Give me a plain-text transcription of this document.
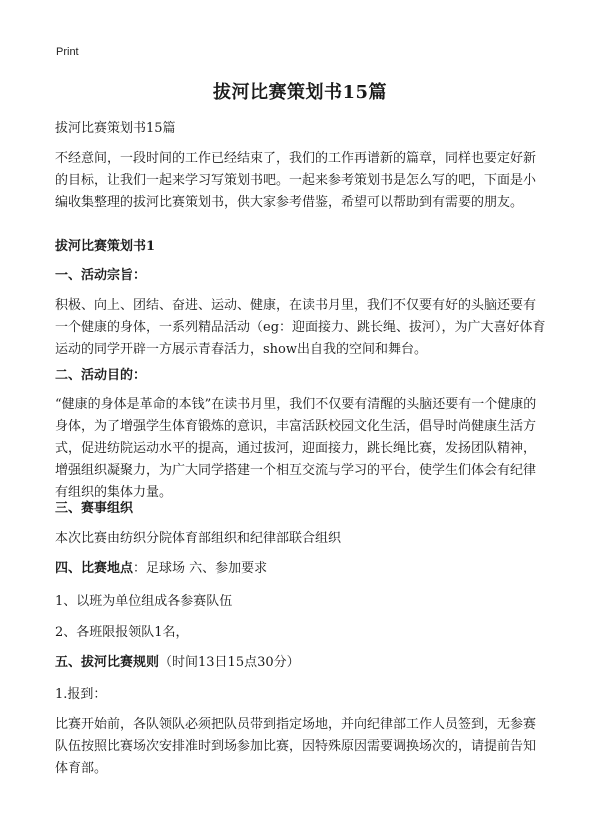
Print
拔河比赛策划书15篇
拔河比赛策划书15篇
不经意间，一段时间的工作已经结束了，我们的工作再谱新的篇章，同样也要定好新的目标，让我们一起来学习写策划书吧。一起来参考策划书是怎么写的吧，下面是小编收集整理的拔河比赛策划书，供大家参考借鉴，希望可以帮助到有需要的朋友。
拔河比赛策划书1
一、活动宗旨：
积极、向上、团结、奋进、运动、健康，在读书月里，我们不仅要有好的头脑还要有一个健康的身体，一系列精品活动（eg：迎面接力、跳长绳、拔河），为广大喜好体育运动的同学开辟一方展示青春活力，show出自我的空间和舞台。
二、活动目的：
“健康的身体是革命的本钱”在读书月里，我们不仅要有清醒的头脑还要有一个健康的身体，为了增强学生体育锻炼的意识，丰富活跃校园文化生活，倡导时尚健康生活方式，促进纺院运动水平的提高，通过拔河，迎面接力，跳长绳比赛，发扬团队精神，增强组织凝聚力，为广大同学搭建一个相互交流与学习的平台，使学生们体会有纪律有组织的集体力量。
三、赛事组织
本次比赛由纺织分院体育部组织和纪律部联合组织
四、比赛地点：足球场 六、参加要求
1、以班为单位组成各参赛队伍
2、各班限报领队1名，
五、拔河比赛规则（时间13日15点30分）
1.报到：
比赛开始前，各队领队必须把队员带到指定场地，并向纪律部工作人员签到，无参赛队伍按照比赛场次安排准时到场参加比赛，因特殊原因需要调换场次的，请提前告知体育部。
